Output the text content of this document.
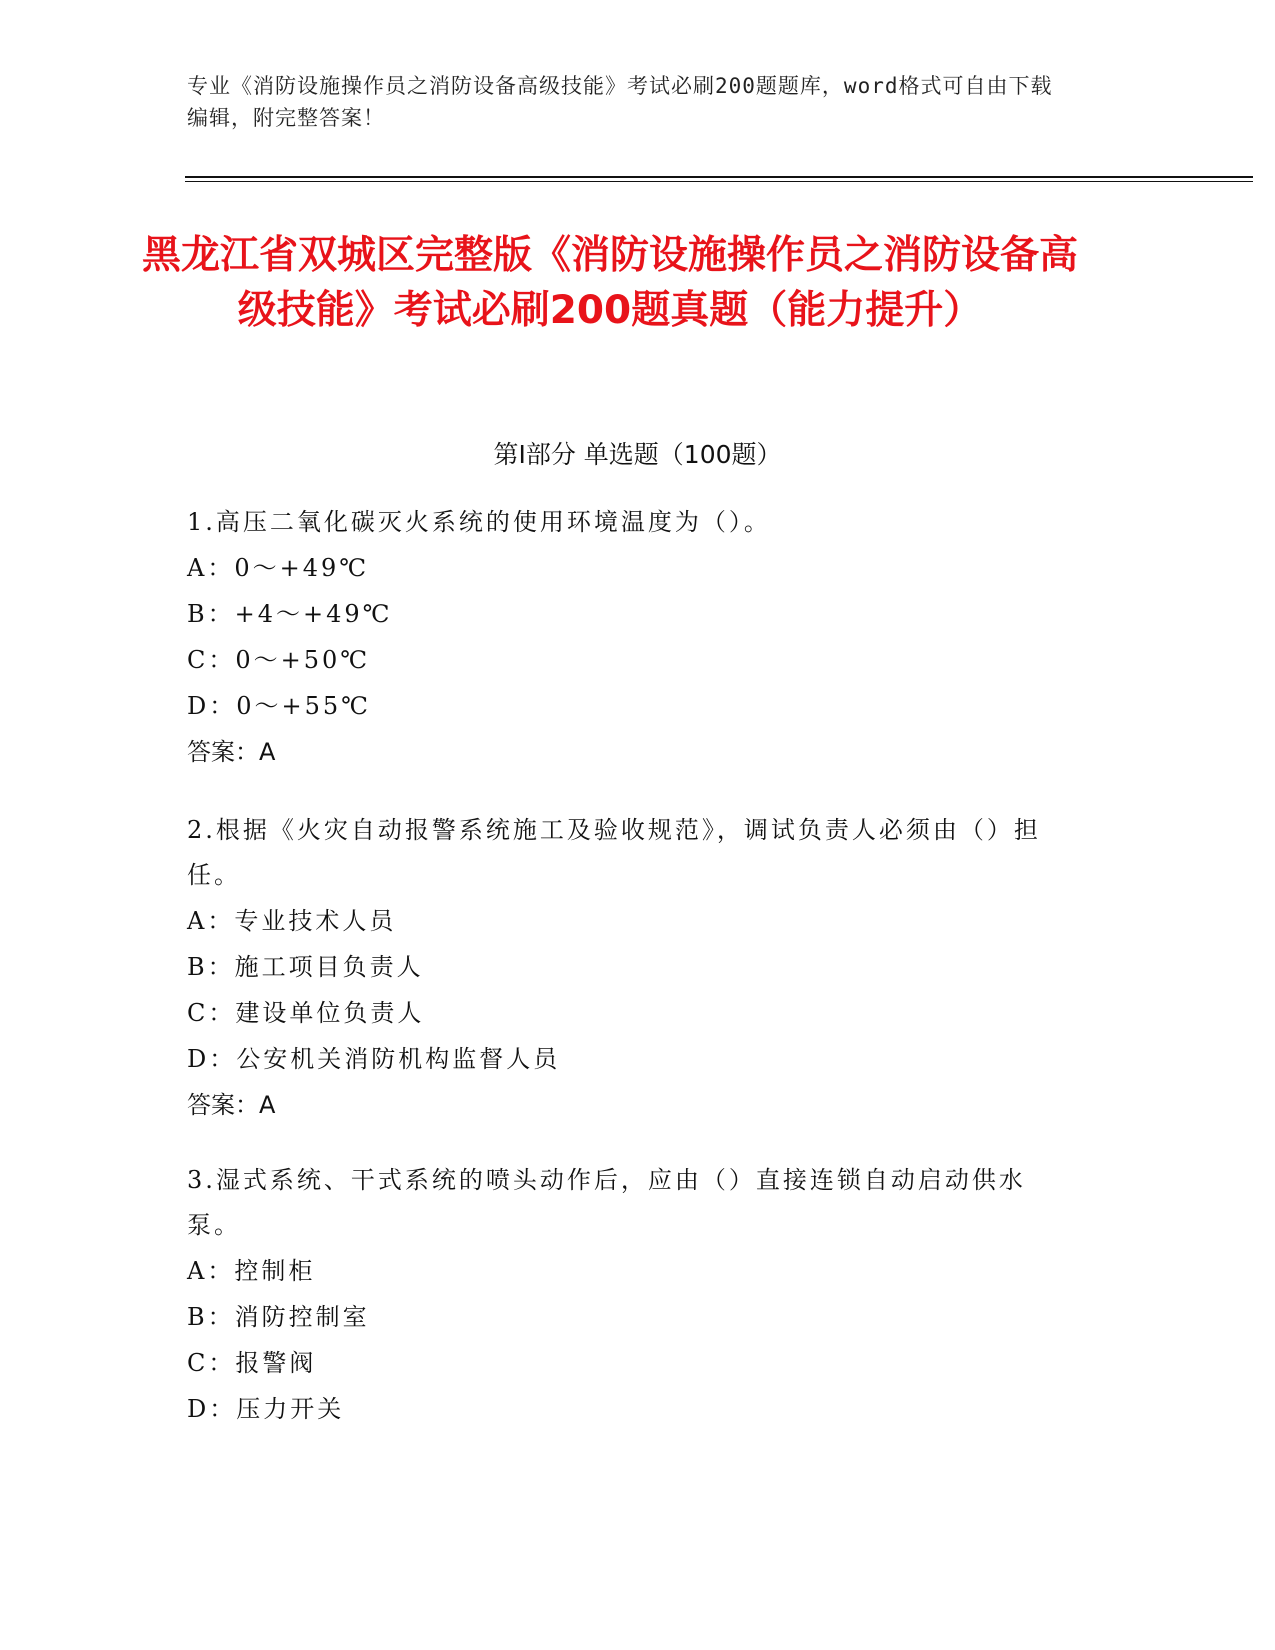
专业《消防设施操作员之消防设备高级技能》考试必刷200题题库，word格式可自由下载编辑，附完整答案！
黑龙江省双城区完整版《消防设施操作员之消防设备高级技能》考试必刷200题真题（能力提升）
第Ⅰ部分 单选题（100题）

1.高压二氧化碳灭火系统的使用环境温度为（）。

A：0～+49℃

B：+4～+49℃

C：0～+50℃

D：0～+55℃

答案：A

2.根据《火灾自动报警系统施工及验收规范》，调试负责人必须由（）担任。

A：专业技术人员

B：施工项目负责人

C：建设单位负责人

D：公安机关消防机构监督人员

答案：A

3.湿式系统、干式系统的喷头动作后，应由（）直接连锁自动启动供水泵。

A：控制柜

B：消防控制室

C：报警阀

D：压力开关
